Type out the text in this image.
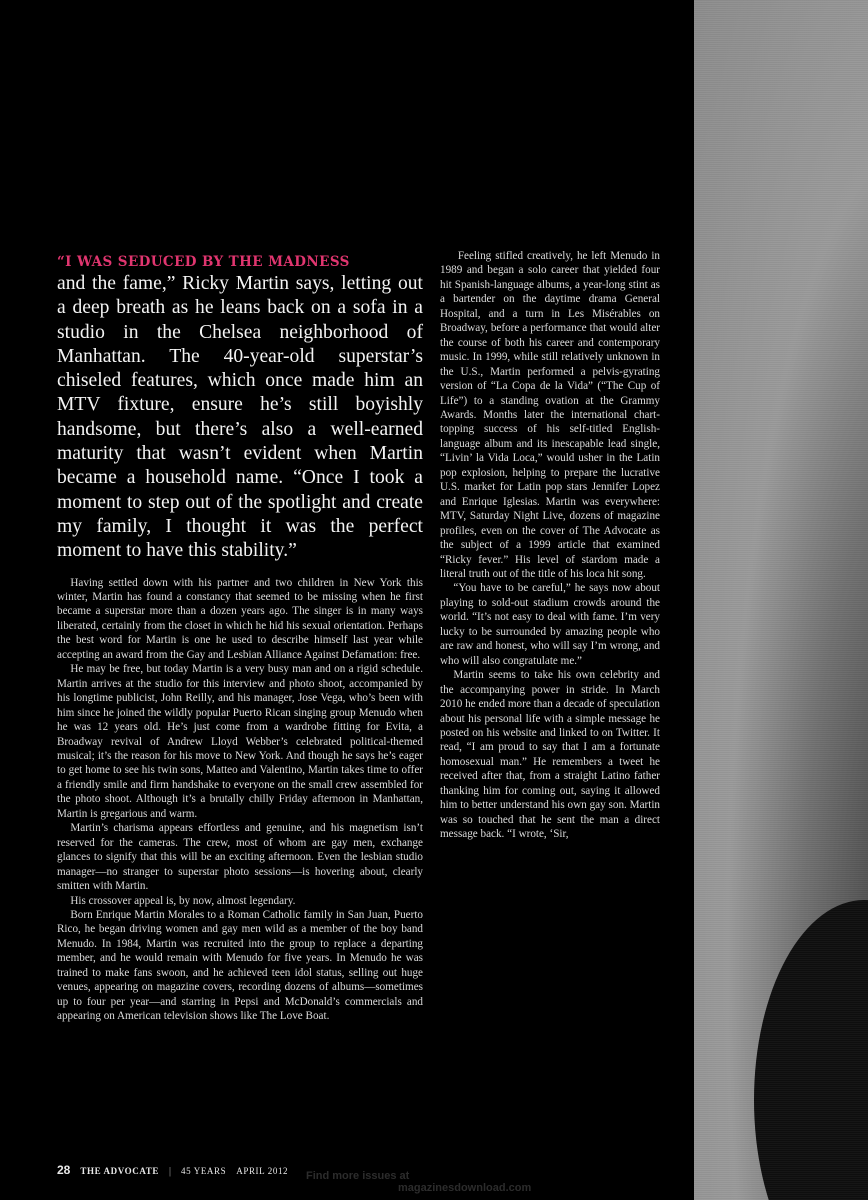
“I WAS SEDUCED BY THE MADNESS

and the fame,” Ricky Martin says, letting out a deep breath as he leans back on a sofa in a studio in the Chelsea neighborhood of Manhattan. The 40-year-old superstar’s chiseled features, which once made him an MTV fixture, ensure he’s still boyishly handsome, but there’s also a well-earned maturity that wasn’t evident when Martin became a household name. “Once I took a moment to step out of the spotlight and create my family, I thought it was the perfect moment to have this stability.”

Having settled down with his partner and two children in New York this winter, Martin has found a constancy that seemed to be missing when he first became a superstar more than a dozen years ago. The singer is in many ways liberated, certainly from the closet in which he hid his sexual orientation. Perhaps the best word for Martin is one he used to describe himself last year while accepting an award from the Gay and Lesbian Alliance Against Defamation: free.

He may be free, but today Martin is a very busy man and on a rigid schedule. Martin arrives at the studio for this interview and photo shoot, accompanied by his longtime publicist, John Reilly, and his manager, Jose Vega, who’s been with him since he joined the wildly popular Puerto Rican singing group Menudo when he was 12 years old. He’s just come from a wardrobe fitting for Evita, a Broadway revival of Andrew Lloyd Webber’s celebrated political-themed musical; it’s the reason for his move to New York. And though he says he’s eager to get home to see his twin sons, Matteo and Valentino, Martin takes time to offer a friendly smile and firm handshake to everyone on the small crew assembled for the photo shoot. Although it’s a brutally chilly Friday afternoon in Manhattan, Martin is gregarious and warm.

Martin’s charisma appears effortless and genuine, and his magnetism isn’t reserved for the cameras. The crew, most of whom are gay men, exchange glances to signify that this will be an exciting afternoon. Even the lesbian studio manager—no stranger to superstar photo sessions—is hovering about, clearly smitten with Martin.

His crossover appeal is, by now, almost legendary.

Born Enrique Martin Morales to a Roman Catholic family in San Juan, Puerto Rico, he began driving women and gay men wild as a member of the boy band Menudo. In 1984, Martin was recruited into the group to replace a departing member, and he would remain with Menudo for five years. In Menudo he was trained to make fans swoon, and he achieved teen idol status, selling out huge venues, appearing on magazine covers, recording dozens of albums—sometimes up to four per year—and starring in Pepsi and McDonald’s commercials and appearing on American television shows like The Love Boat.

Feeling stifled creatively, he left Menudo in 1989 and began a solo career that yielded four hit Spanish-language albums, a year-long stint as a bartender on the daytime drama General Hospital, and a turn in Les Misérables on Broadway, before a performance that would alter the course of both his career and contemporary music. In 1999, while still relatively unknown in the U.S., Martin performed a pelvis-gyrating version of “La Copa de la Vida” (“The Cup of Life”) to a standing ovation at the Grammy Awards. Months later the international chart-topping success of his self-titled English-language album and its inescapable lead single, “Livin’ la Vida Loca,” would usher in the Latin pop explosion, helping to prepare the lucrative U.S. market for Latin pop stars Jennifer Lopez and Enrique Iglesias. Martin was everywhere: MTV, Saturday Night Live, dozens of magazine profiles, even on the cover of The Advocate as the subject of a 1999 article that examined “Ricky fever.” His level of stardom made a literal truth out of the title of his loca hit song.

“You have to be careful,” he says now about playing to sold-out stadium crowds around the world. “It’s not easy to deal with fame. I’m very lucky to be surrounded by amazing people who are raw and honest, who will say I’m wrong, and who will also congratulate me.”

Martin seems to take his own celebrity and the accompanying power in stride. In March 2010 he ended more than a decade of speculation about his personal life with a simple message he posted on his website and linked to on Twitter. It read, “I am proud to say that I am a fortunate homosexual man.” He remembers a tweet he received after that, from a straight Latino father thanking him for coming out, saying it allowed him to better understand his own gay son. Martin was so touched that he sent the man a direct message back. “I wrote, ‘Sir,

28 THE ADVOCATE | 45 YEARS APRIL 2012 Find more issues at
magazinesdownload.com
